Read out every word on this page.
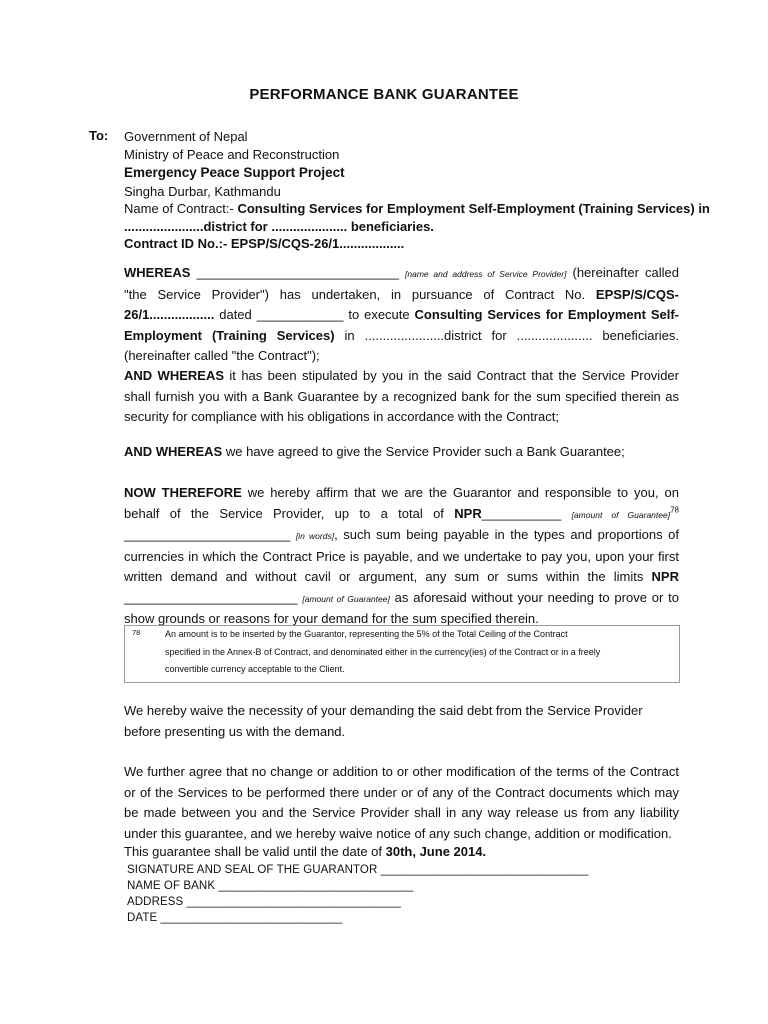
PERFORMANCE BANK GUARANTEE
To: Government of Nepal
Ministry of Peace and Reconstruction
Emergency Peace Support Project
Singha Durbar, Kathmandu
Name of Contract:- Consulting Services for Employment Self-Employment (Training Services) in
......................district for ..................... beneficiaries.
Contract ID No.:- EPSP/S/CQS-26/1..................
WHEREAS ____________________________ [name and address of Service Provider] (hereinafter called "the Service Provider") has undertaken, in pursuance of Contract No. EPSP/S/CQS-26/1.................. dated ____________ to execute Consulting Services for Employment Self-Employment (Training Services) in ......................district for ..................... beneficiaries. (hereinafter called "the Contract");
AND WHEREAS it has been stipulated by you in the said Contract that the Service Provider shall furnish you with a Bank Guarantee by a recognized bank for the sum specified therein as security for compliance with his obligations in accordance with the Contract;
AND WHEREAS we have agreed to give the Service Provider such a Bank Guarantee;
NOW THEREFORE we hereby affirm that we are the Guarantor and responsible to you, on behalf of the Service Provider, up to a total of NPR___________ [amount of Guarantee]$^{78}$ _______________________ [in words], such sum being payable in the types and proportions of currencies in which the Contract Price is payable, and we undertake to pay you, upon your first written demand and without cavil or argument, any sum or sums within the limits NPR ________________________ [amount of Guarantee] as aforesaid without your needing to prove or to show grounds or reasons for your demand for the sum specified therein.
78	An amount is to be inserted by the Guarantor, representing the 5% of the Total Ceiling of the Contract
specified in the Annex-B of Contract, and denominated either in the currency(ies) of the Contract or in a freely
convertible currency acceptable to the Client.
We hereby waive the necessity of your demanding the said debt from the Service Provider before presenting us with the demand.
We further agree that no change or addition to or other modification of the terms of the Contract or of the Services to be performed there under or of any of the Contract documents which may be made between you and the Service Provider shall in any way release us from any liability under this guarantee, and we hereby waive notice of any such change, addition or modification.
This guarantee shall be valid until the date of 30th, June 2014.
SIGNATURE AND SEAL OF THE GUARANTOR ________________________________
NAME OF BANK ______________________________
ADDRESS _________________________________
DATE ____________________________
